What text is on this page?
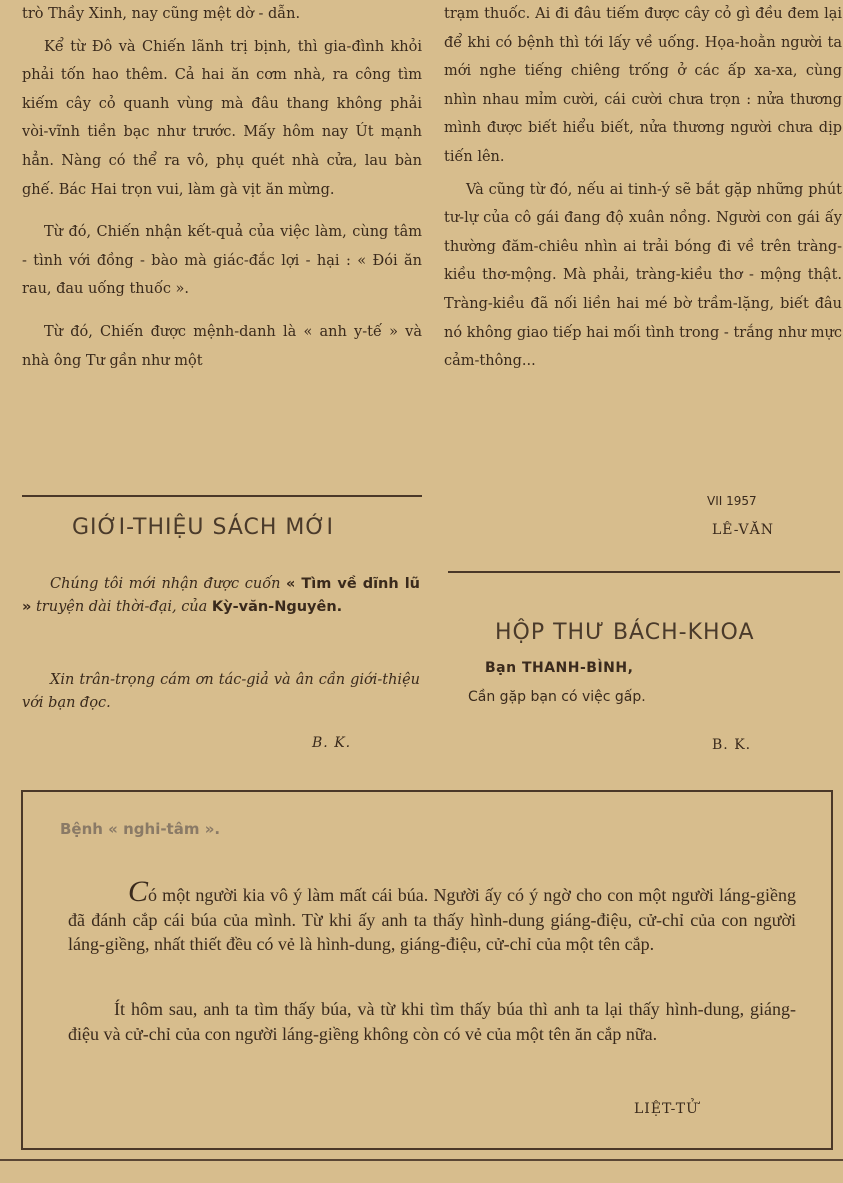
trò Thầy Xinh, nay cũng mệt dờ - dẫn.

Kể từ Đô và Chiến lãnh trị bịnh, thì gia-đình khỏi phải tốn hao thêm. Cả hai ăn cơm nhà, ra công tìm kiếm cây cỏ quanh vùng mà đâu thang không phải vòi-vĩnh tiền bạc như trước. Mấy hôm nay Út mạnh hẳn. Nàng có thể ra vô, phụ quét nhà cửa, lau bàn ghế. Bác Hai trọn vui, làm gà vịt ăn mừng.

Từ đó, Chiến nhận kết-quả của việc làm, cùng tâm - tình với đồng - bào mà giác-đắc lợi - hại : « Đói ăn rau, đau uống thuốc ».

Từ đó, Chiến được mệnh-danh là « anh y-tế » và nhà ông Tư gần như một

trạm thuốc. Ai đi đâu tiếm được cây cỏ gì đều đem lại để khi có bệnh thì tới lấy về uống. Họa-hoằn người ta mới nghe tiếng chiêng trống ở các ấp xa-xa, cùng nhìn nhau mỉm cười, cái cười chưa trọn : nửa thương mình được biết hiểu biết, nửa thương người chưa dịp tiến lên.

Và cũng từ đó, nếu ai tinh-ý sẽ bắt gặp những phút tư-lự của cô gái đang độ xuân nồng. Người con gái ấy thường đăm-chiêu nhìn ai trải bóng đi về trên tràng-kiều thơ-mộng. Mà phải, tràng-kiều thơ - mộng thật. Tràng-kiều đã nối liền hai mé bờ trầm-lặng, biết đâu nó không giao tiếp hai mối tình trong - trắng như mực cảm-thông...

VII 1957

LÊ-VĂN

GIỚI-THIỆU SÁCH MỚI

Chúng tôi mới nhận được cuốn « Tìm về dĩnh lũ » truyện dài thời-đại, của Kỳ-văn-Nguyên.

Xin trân-trọng cám ơn tác-giả và ân cần giới-thiệu với bạn đọc.

B. K.

HỘP THƯ BÁCH-KHOA

Bạn THANH-BÌNH,

Cần gặp bạn có việc gấp.

B. K.

Bệnh « nghi-tâm ».

Có một người kia vô ý làm mất cái búa. Người ấy có ý ngờ cho con một người láng-giềng đã đánh cắp cái búa của mình. Từ khi ấy anh ta thấy hình-dung giáng-điệu, cử-chỉ của con người láng-giềng, nhất thiết đều có vẻ là hình-dung, giáng-điệu, cử-chỉ của một tên cắp.

Ít hôm sau, anh ta tìm thấy búa, và từ khi tìm thấy búa thì anh ta lại thấy hình-dung, giáng-điệu và cử-chỉ của con người láng-giềng không còn có vẻ của một tên ăn cắp nữa.

LIỆT-TỬ
